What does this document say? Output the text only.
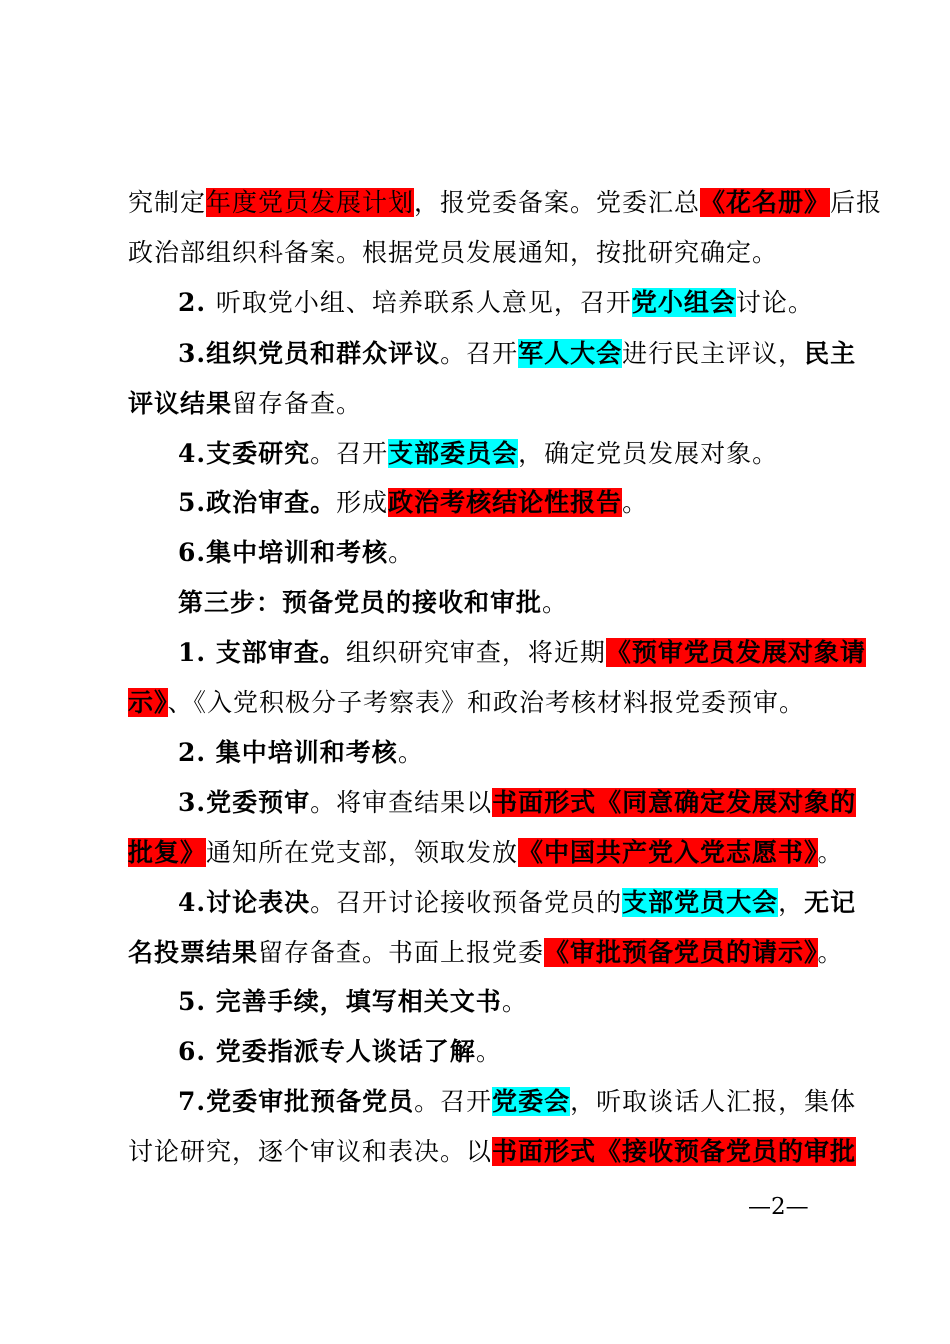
究制定年度党员发展计划，报党委备案。党委汇总《花名册》后报
政治部组织科备案。根据党员发展通知，按批研究确定。
2. 听取党小组、培养联系人意见，召开党小组会讨论。
3.组织党员和群众评议。召开军人大会进行民主评议，民主
评议结果留存备查。
4.支委研究。召开支部委员会，确定党员发展对象。
5.政治审查。形成政治考核结论性报告。
6.集中培训和考核。
第三步：预备党员的接收和审批。
1. 支部审查。组织研究审查，将近期《预审党员发展对象请
示》、《入党积极分子考察表》和政治考核材料报党委预审。
2. 集中培训和考核。
3.党委预审。将审查结果以书面形式《同意确定发展对象的
批复》通知所在党支部，领取发放《中国共产党入党志愿书》。
4.讨论表决。召开讨论接收预备党员的支部党员大会，无记
名投票结果留存备查。书面上报党委《审批预备党员的请示》。
5. 完善手续，填写相关文书。
6. 党委指派专人谈话了解。
7.党委审批预备党员。召开党委会，听取谈话人汇报，集体
讨论研究，逐个审议和表决。以书面形式《接收预备党员的审批
—2—
